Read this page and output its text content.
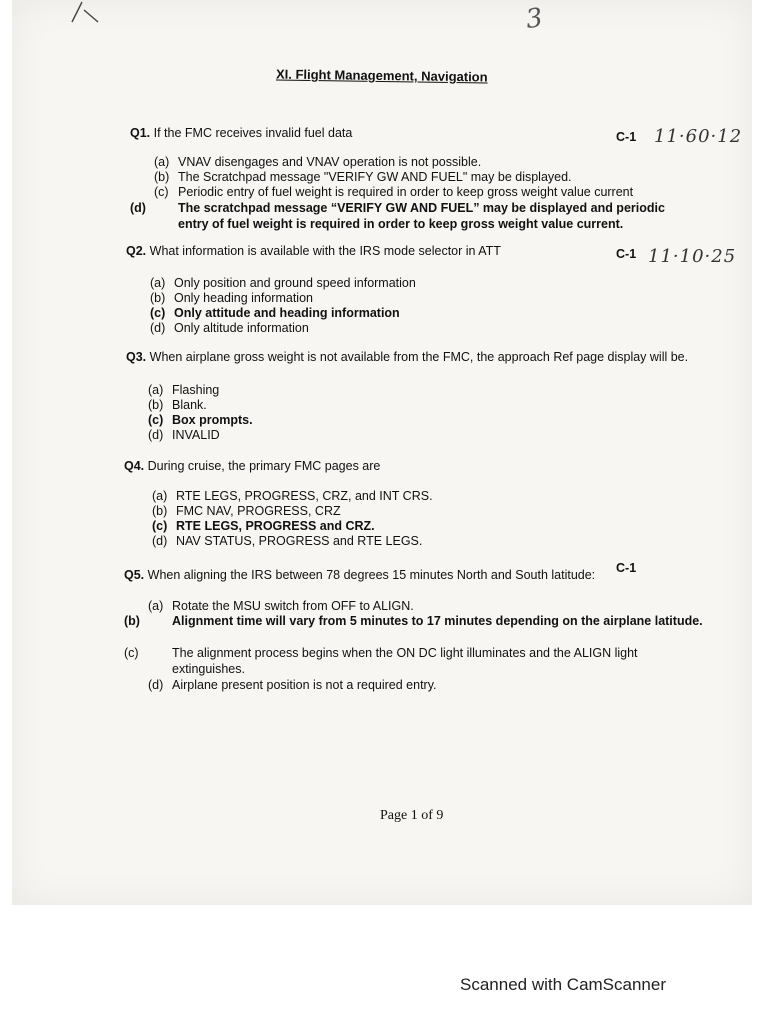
3
XI. Flight Management, Navigation
Q1. If the FMC receives invalid fuel data	C-1 11·60·12
(a) VNAV disengages and VNAV operation is not possible.
(b) The Scratchpad message "VERIFY GW AND FUEL" may be displayed.
(c) Periodic entry of fuel weight is required in order to keep gross weight value current
(d)	The scratchpad message “VERIFY GW AND FUEL” may be displayed and periodic entry of fuel weight is required in order to keep gross weight value current.
Q2. What information is available with the IRS mode selector in ATT	C-1 11·10·25
(a) Only position and ground speed information
(b) Only heading information
(c) Only attitude and heading information
(d) Only altitude information
Q3. When airplane gross weight is not available from the FMC, the approach Ref page display will be.
(a) Flashing
(b) Blank.
(c) Box prompts.
(d) INVALID
Q4. During cruise, the primary FMC pages are
(a) RTE LEGS, PROGRESS, CRZ, and INT CRS.
(b) FMC NAV, PROGRESS, CRZ
(c) RTE LEGS, PROGRESS and CRZ.
(d) NAV STATUS, PROGRESS and RTE LEGS.
Q5. When aligning the IRS between 78 degrees 15 minutes North and South latitude: C-1
(a) Rotate the MSU switch from OFF to ALIGN.
(b)	Alignment time will vary from 5 minutes to 17 minutes depending on the airplane latitude.
(c)	The alignment process begins when the ON DC light illuminates and the ALIGN light extinguishes.
(d) Airplane present position is not a required entry.
Page 1 of 9
Scanned with CamScanner
